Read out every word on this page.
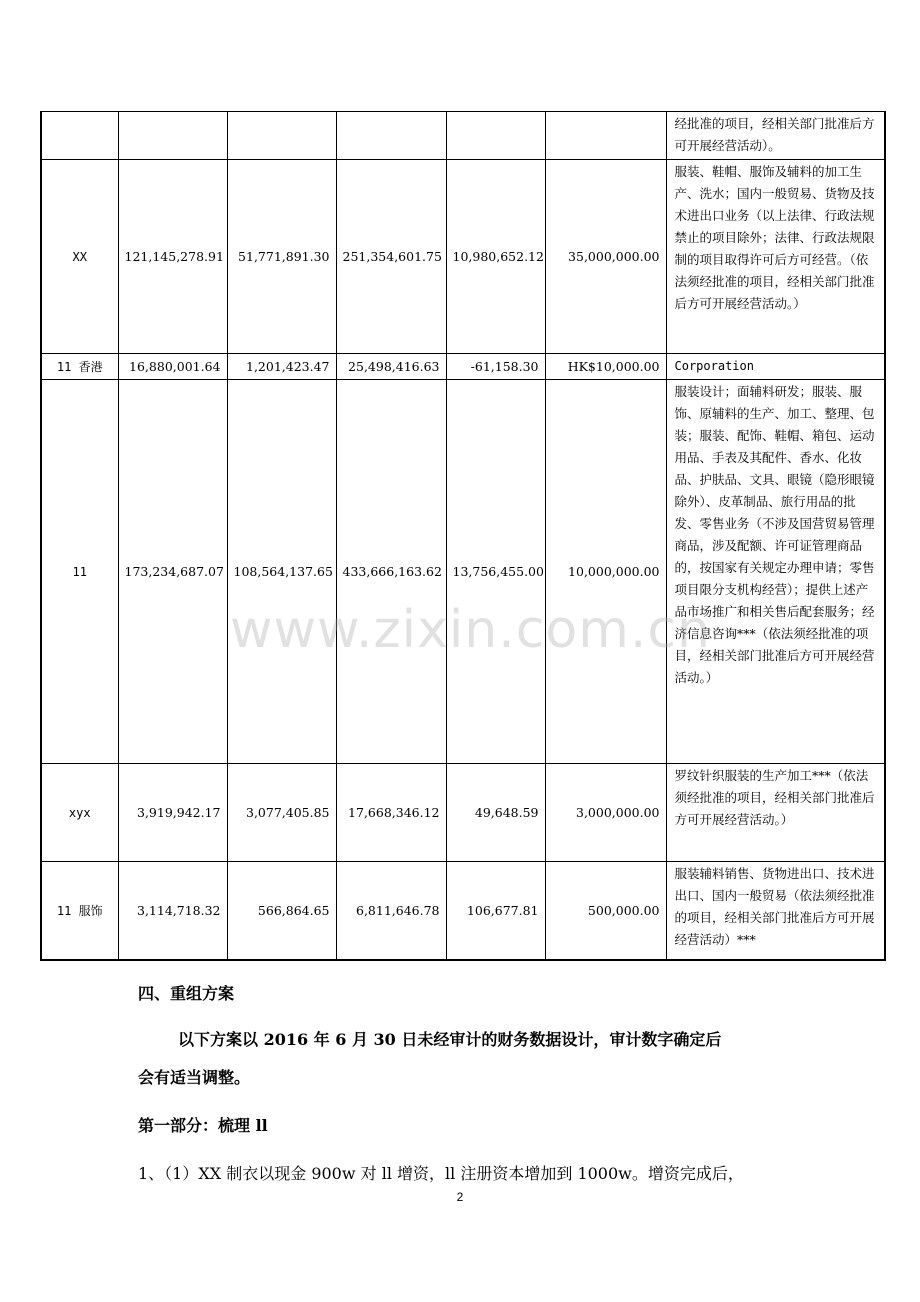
						经批准的项目，经相关部门批准后方可开展经营活动）。
XX	121,145,278.91	51,771,891.30	251,354,601.75	10,980,652.12	35,000,000.00	服装、鞋帽、服饰及辅料的加工生产、洗水；国内一般贸易、货物及技术进出口业务（以上法律、行政法规禁止的项目除外；法律、行政法规限制的项目取得许可后方可经营。（依法须经批准的项目，经相关部门批准后方可开展经营活动。）
11 香港	16,880,001.64	1,201,423.47	25,498,416.63	-61,158.30	HK$10,000.00	Corporation
11	173,234,687.07	108,564,137.65	433,666,163.62	13,756,455.00	10,000,000.00	服装设计；面辅料研发；服装、服饰、原辅料的生产、加工、整理、包装；服装、配饰、鞋帽、箱包、运动用品、手表及其配件、香水、化妆品、护肤品、文具、眼镜（隐形眼镜除外）、皮革制品、旅行用品的批发、零售业务（不涉及国营贸易管理商品，涉及配额、许可证管理商品的，按国家有关规定办理申请；零售项目限分支机构经营）；提供上述产品市场推广和相关售后配套服务；经济信息咨询***（依法须经批准的项目，经相关部门批准后方可开展经营活动。）
xyx	3,919,942.17	3,077,405.85	17,668,346.12	49,648.59	3,000,000.00	罗纹针织服装的生产加工***（依法须经批准的项目，经相关部门批准后方可开展经营活动。）
11 服饰	3,114,718.32	566,864.65	6,811,646.78	106,677.81	500,000.00	服装辅料销售、货物进出口、技术进出口、国内一般贸易（依法须经批准的项目，经相关部门批准后方可开展经营活动）***
www.zixin.com.cn
四、重组方案
以下方案以 2016 年 6 月 30 日未经审计的财务数据设计，审计数字确定后
会有适当调整。
第一部分：梳理 ll
1、（1）XX 制衣以现金 900w 对 ll 增资，ll 注册资本增加到 1000w。增资完成后，
2
